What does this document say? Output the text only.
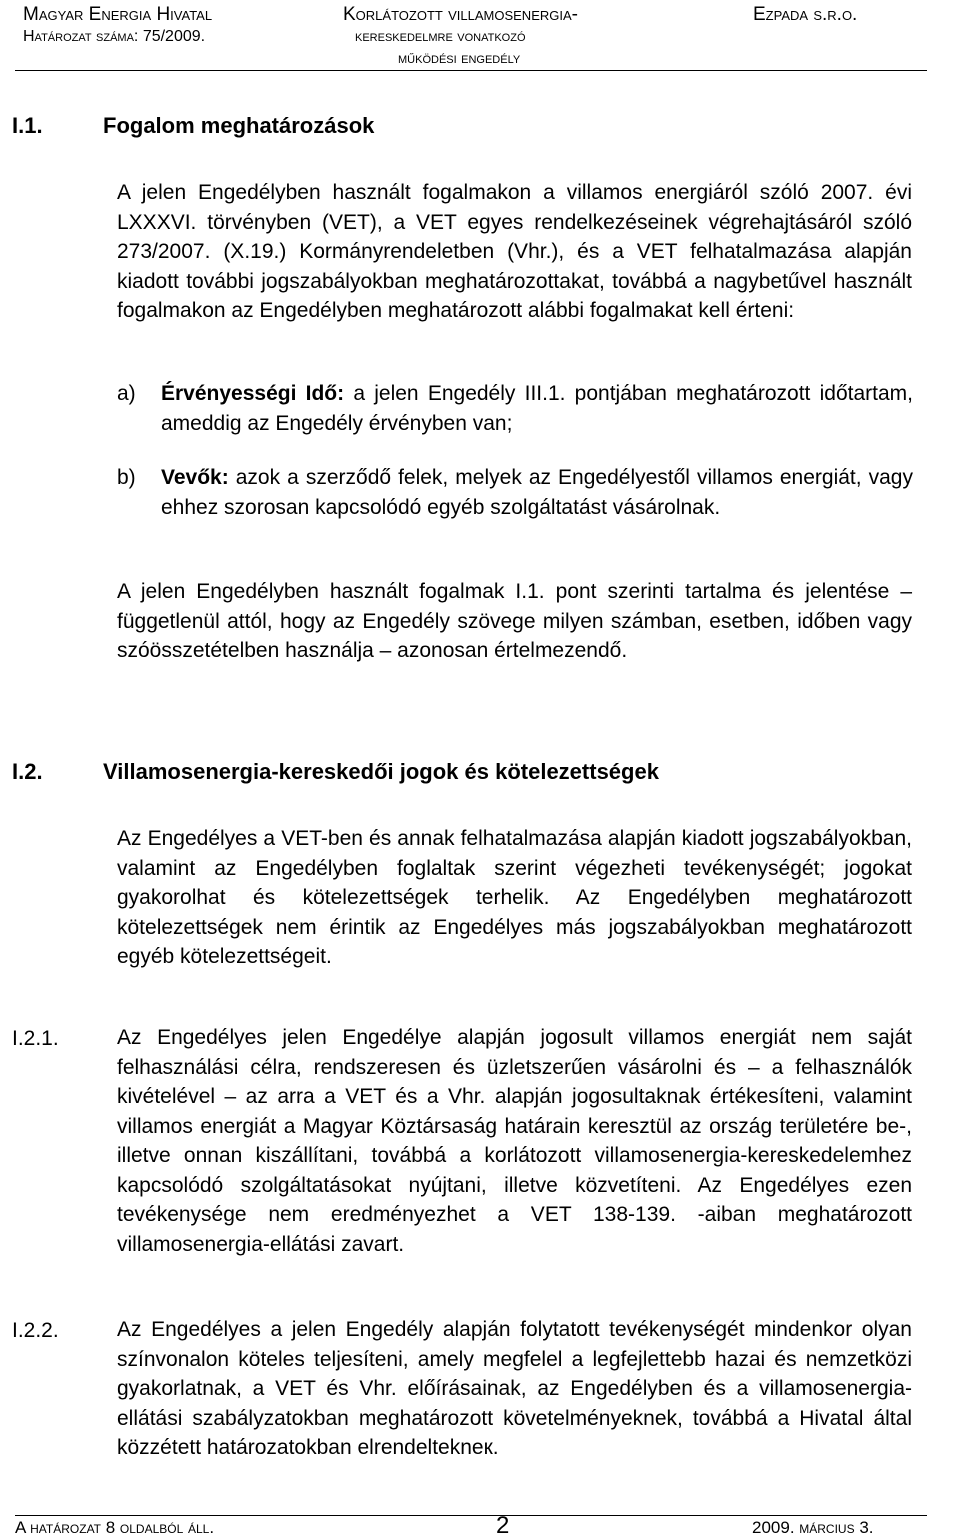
Magyar Energia Hivatal
Határozat száma: 75/2009.
Korlátozott villamosenergia-
kereskedelmre vonatkozó
működési engedély
Ezpada s.r.o.
I.1.	Fogalom meghatározások
A jelen Engedélyben használt fogalmakon a villamos energiáról szóló 2007. évi LXXXVI. törvényben (VET), a VET egyes rendelkezéseinek végrehajtásáról szóló 273/2007. (X.19.) Kormányrendeletben (Vhr.), és a VET felhatalmazása alapján kiadott további jogszabályokban meghatározottakat, továbbá a nagybetűvel használt fogalmakon az Engedélyben meghatározott alábbi fogalmakat kell érteni:
a) Érvényességi Idő: a jelen Engedély III.1. pontjában meghatározott időtartam, ameddig az Engedély érvényben van;
b) Vevők: azok a szerződő felek, melyek az Engedélyestől villamos energiát, vagy ehhez szorosan kapcsolódó egyéb szolgáltatást vásárolnak.
A jelen Engedélyben használt fogalmak I.1. pont szerinti tartalma és jelentése – függetlenül attól, hogy az Engedély szövege milyen számban, esetben, időben vagy szóösszetételben használja – azonosan értelmezendő.
I.2.	Villamosenergia-kereskedői jogok és kötelezettségek
Az Engedélyes a VET-ben és annak felhatalmazása alapján kiadott jogszabályokban, valamint az Engedélyben foglaltak szerint végezheti tevékenységét; jogokat gyakorolhat és kötelezettségek terhelik. Az Engedélyben meghatározott kötelezettségek nem érintik az Engedélyes más jogszabályokban meghatározott egyéb kötelezettségeit.
I.2.1.	Az Engedélyes jelen Engedélye alapján jogosult villamos energiát nem saját felhasználási célra, rendszeresen és üzletszerűen vásárolni és – a felhasználók kivételével – az arra a VET és a Vhr. alapján jogosultaknak értékesíteni, valamint villamos energiát a Magyar Köztársaság határain keresztül az ország területére be-, illetve onnan kiszállítani, továbbá a korlátozott villamosenergia-kereskedelemhez kapcsolódó szolgáltatásokat nyújtani, illetve közvetíteni. Az Engedélyes ezen tevékenysége nem eredményezhet a VET 138-139. -aiban meghatározott villamosenergia-ellátási zavart.
I.2.2.	Az Engedélyes a jelen Engedély alapján folytatott tevékenységét mindenkor olyan színvonalon köteles teljesíteni, amely megfelel a legfejlettebb hazai és nemzetközi gyakorlatnak, a VET és Vhr. előírásainak, az Engedélyben és a villamosenergia-ellátási szabályzatokban meghatározott követelményeknek, továbbá a Hivatal által közzétett határozatokban elrendeltekneк.
A határozat 8 oldalból áll.	2	2009. március 3.
